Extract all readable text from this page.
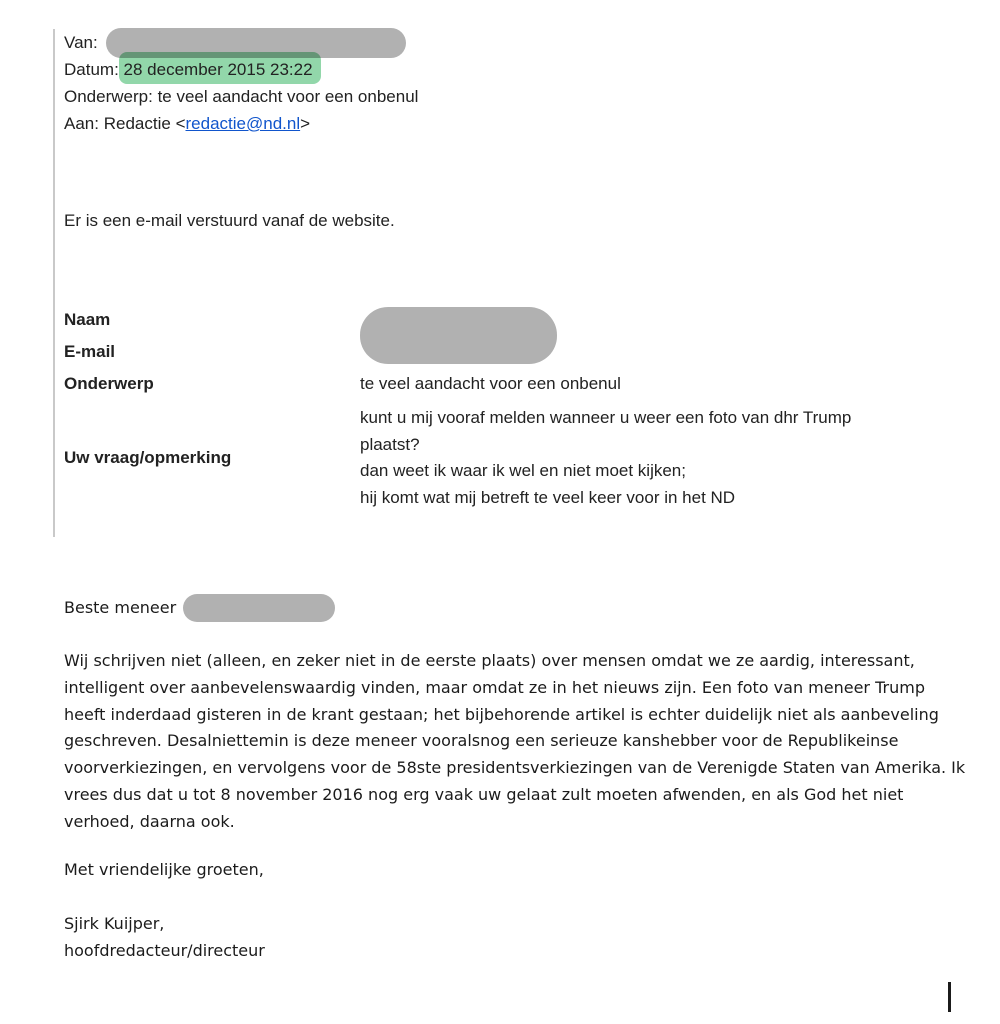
Van:
Datum: 28 december 2015 23:22
Onderwerp: te veel aandacht voor een onbenul
Aan: Redactie <redactie@nd.nl>
Er is een e-mail verstuurd vanaf de website.
Naam
E-mail
Onderwerp	te veel aandacht voor een onbenul
Uw vraag/opmerking
kunt u mij vooraf melden wanneer u weer een foto van dhr Trump plaatst?
dan weet ik waar ik wel en niet moet kijken;
hij komt wat mij betreft te veel keer voor in het ND
Beste meneer
Wij schrijven niet (alleen, en zeker niet in de eerste plaats) over mensen omdat we ze aardig, interessant, intelligent over aanbevelenswaardig vinden, maar omdat ze in het nieuws zijn. Een foto van meneer Trump heeft inderdaad gisteren in de krant gestaan; het bijbehorende artikel is echter duidelijk niet als aanbeveling geschreven. Desalniettemin is deze meneer vooralsnog een serieuze kanshebber voor de Republikeinse voorverkiezingen, en vervolgens voor de 58ste presidentsverkiezingen van de Verenigde Staten van Amerika. Ik vrees dus dat u tot 8 november 2016 nog erg vaak uw gelaat zult moeten afwenden, en als God het niet verhoed, daarna ook.
Met vriendelijke groeten,
Sjirk Kuijper,
hoofdredacteur/directeur
